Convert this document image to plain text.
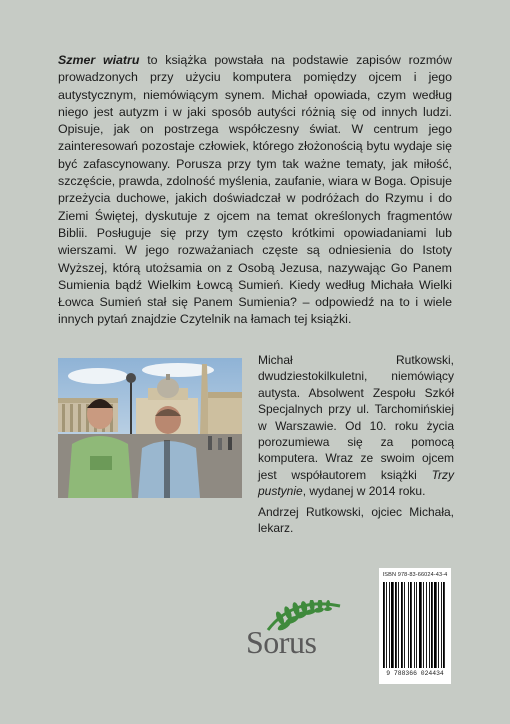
Szmer wiatru to książka powstała na podstawie zapisów rozmów prowadzonych przy użyciu komputera pomiędzy ojcem i jego autystycznym, niemówiącym synem. Michał opowiada, czym według niego jest autyzm i w jaki sposób autyści różnią się od innych ludzi. Opisuje, jak on postrzega współczesny świat. W centrum jego zainteresowań pozostaje człowiek, którego złożonością bytu wydaje się być zafascynowany. Porusza przy tym tak ważne tematy, jak miłość, szczęście, prawda, zdolność myślenia, zaufanie, wiara w Boga. Opisuje przeżycia duchowe, jakich doświadczał w podróżach do Rzymu i do Ziemi Świętej, dyskutuje z ojcem na temat określonych fragmentów Biblii. Posługuje się przy tym często krótkimi opowiadaniami lub wierszami. W jego rozważaniach częste są odniesienia do Istoty Wyższej, którą utożsamia on z Osobą Jezusa, nazywając Go Panem Sumienia bądź Wielkim Łowcą Sumień. Kiedy według Michała Wielki Łowca Sumień stał się Panem Sumienia? – odpowiedź na to i wiele innych pytań znajdzie Czytelnik na łamach tej książki.

Michał Rutkowski, dwudziestokilkuletni, niemówiący autysta. Absolwent Zespołu Szkół Specjalnych przy ul. Tarchomińskiej w Warszawie. Od 10. roku życia porozumiewa się za pomocą komputera. Wraz ze swoim ojcem jest współautorem książki Trzy pustynie, wydanej w 2014 roku.

Andrzej Rutkowski, ojciec Michała, lekarz.

Sorus
ISBN 978-83-66024-43-4
9 788366 024434
